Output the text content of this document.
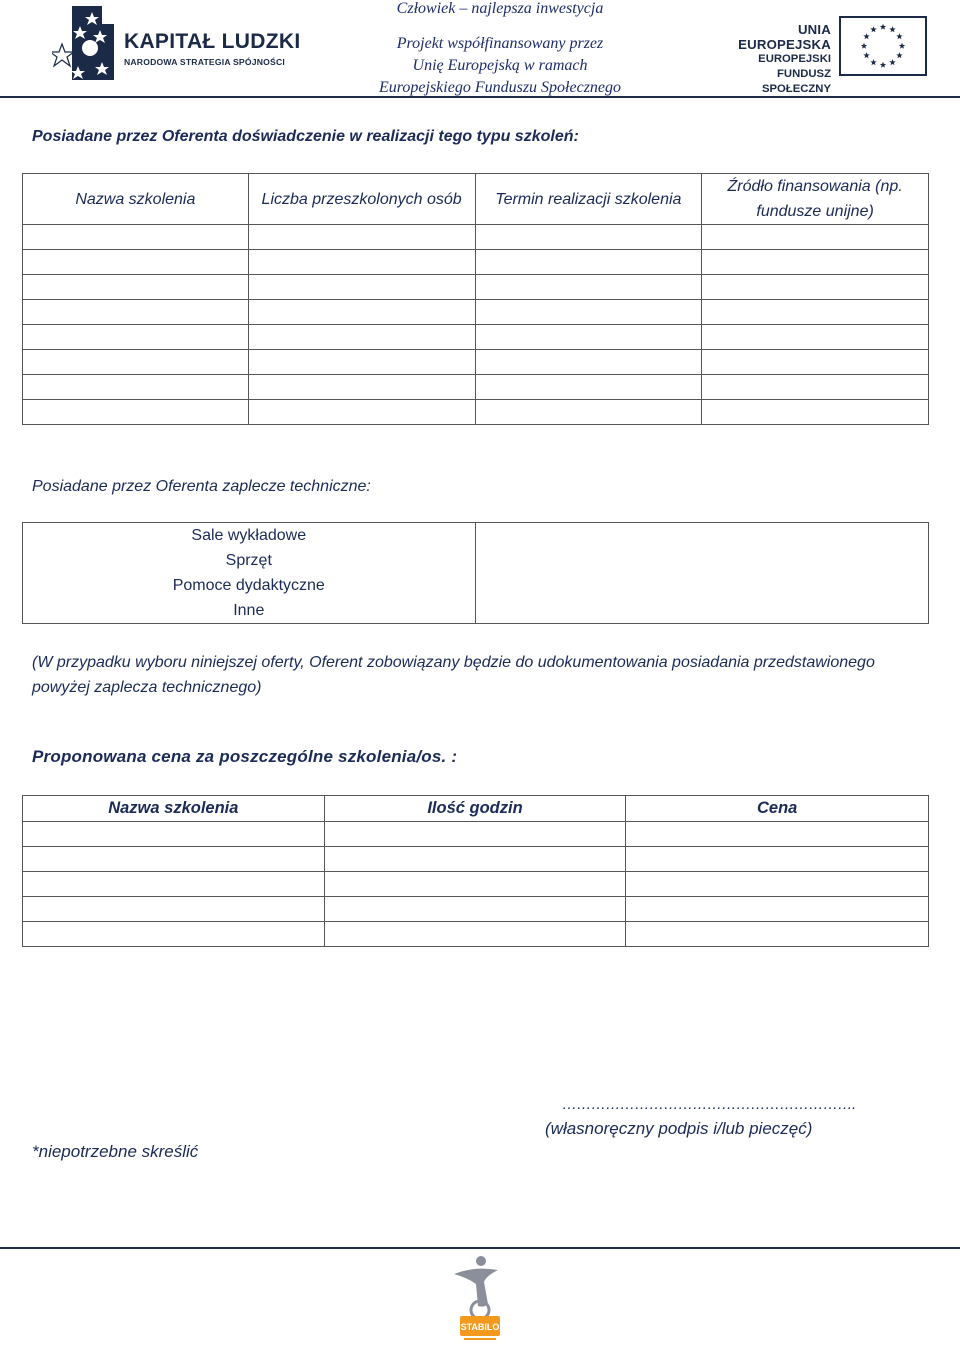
KAPITAŁ LUDZKI
NARODOWA STRATEGIA SPÓJNOŚCI
Człowiek – najlepsza inwestycja
Projekt współfinansowany przez
Unię Europejską w ramach
Europejskiego Funduszu Społecznego
UNIA EUROPEJSKA
EUROPEJSKI
FUNDUSZ SPOŁECZNY
Posiadane przez Oferenta doświadczenie w realizacji tego typu szkoleń:
Nazwa szkolenia	Liczba przeszkolonych osób	Termin realizacji szkolenia	Źródło finansowania (np. fundusze unijne)

Posiadane przez Oferenta zaplecze techniczne:
Sale wykładowe
Sprzęt
Pomoce dydaktyczne
Inne

(W przypadku wyboru niniejszej oferty, Oferent zobowiązany będzie do udokumentowania posiadania przedstawionego powyżej zaplecza technicznego)
Proponowana cena za poszczególne szkolenia/os. :
Nazwa szkolenia	Ilość godzin	Cena

…………………………………………………….
(własnoręczny podpis i/lub pieczęć)
*niepotrzebne skreślić
STABILO
